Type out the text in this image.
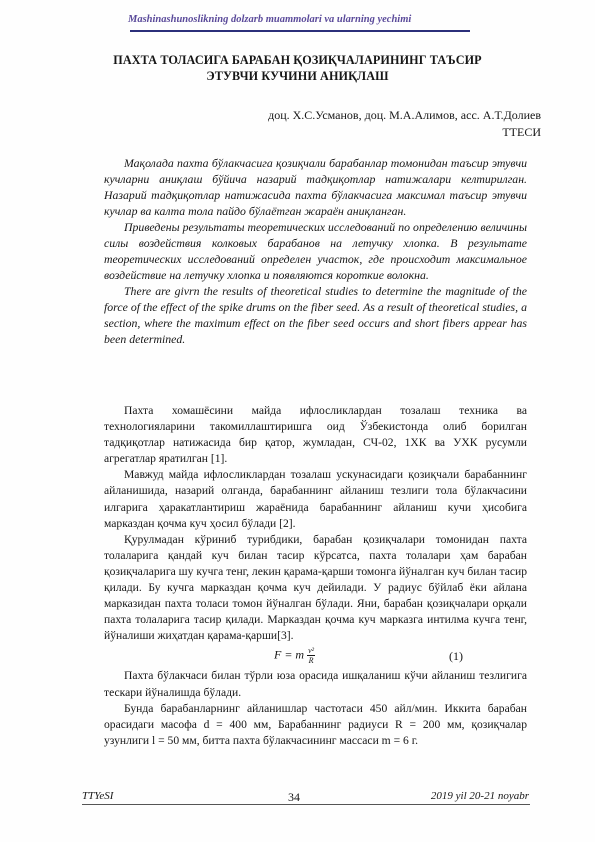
Mashinashunoslikning dolzarb muammolari va ularning yechimi
ПАХТА ТОЛАСИГА БАРАБАН ҚОЗИҚЧАЛАРИНИНГ ТАЪСИР
ЭТУВЧИ КУЧИНИ АНИҚЛАШ
доц. Х.С.Усманов, доц. М.А.Алимов, асс. А.Т.Долиев
ТТЕСИ

Мақолада пахта бўлакчасига қозиқчали барабанлар томонидан таъсир этувчи кучларни аниқлаш бўйича назарий тадқиқотлар натижалари келтирилган. Назарий тадқиқотлар натижасида пахта бўлакчасига максимал таъсир этувчи кучлар ва калта тола пайдо бўлаётган жараён аниқланган.

Приведены результаты теоретических исследований по определению величины силы воздействия колковых барабанов на летучку хлопка. В результате теоретических исследований определен участок, где происходит максимальное воздействие на летучку хлопка и появляются короткие волокна.

There are givrn the results of theoretical studies to determine the magnitude of the force of the effect of the spike drums on the fiber seed. As a result of theoretical studies, a section, where the maximum effect on the fiber seed occurs and short fibers appear has been determined.

Пахта хомашёсини майда ифлосликлардан тозалаш техника ва технологияларини такомиллаштиришга оид Ўзбекистонда олиб борилган тадқиқотлар натижасида бир қатор, жумладан, СЧ-02, 1ХК ва УХК русумли агрегатлар яратилган [1].

Мавжуд майда ифлосликлардан тозалаш ускунасидаги қозиқчали барабаннинг айланишида, назарий олганда, барабаннинг айланиш тезлиги тола бўлакчасини илгарига ҳаракатлантириш жараёнида барабаннинг айланиш кучи ҳисобига марказдан қочма куч ҳосил бўлади [2].

Қурулмадан кўриниб турибдики, барабан қозиқчалари томонидан пахта толаларига қандай куч билан тасир кўрсатса, пахта толалари ҳам барабан қозиқчаларига шу кучга тенг, лекин қарама-қарши томонга йўналган куч билан тасир қилади. Бу кучга марказдан қочма куч дейилади. У радиус бўйлаб ёки айлана марказидан пахта толаси томон йўналган бўлади. Яни, барабан қозиқчалари орқали пахта толаларига тасир қилади. Марказдан қочма куч марказга интилма кучга тенг, йўналиши жиҳатдан қарама-қарши[3].

F = m $\frac{\text{v²}}{R}$	(1)

Пахта бўлакчаси билан тўрли юза орасида ишқаланиш кўчи айланиш тезлигига тескари йўналишда бўлади.

Бунда барабанларнинг айланишлар частотаси 450 айл/мин. Иккита барабан орасидаги масофа d = 400 мм, Барабаннинг радиуси R = 200 мм, қозиқчалар узунлиги l = 50 мм, битта пахта бўлакчасининг массаси m = 6 г.

TTYeSI	34	2019 yil 20-21 noyabr
